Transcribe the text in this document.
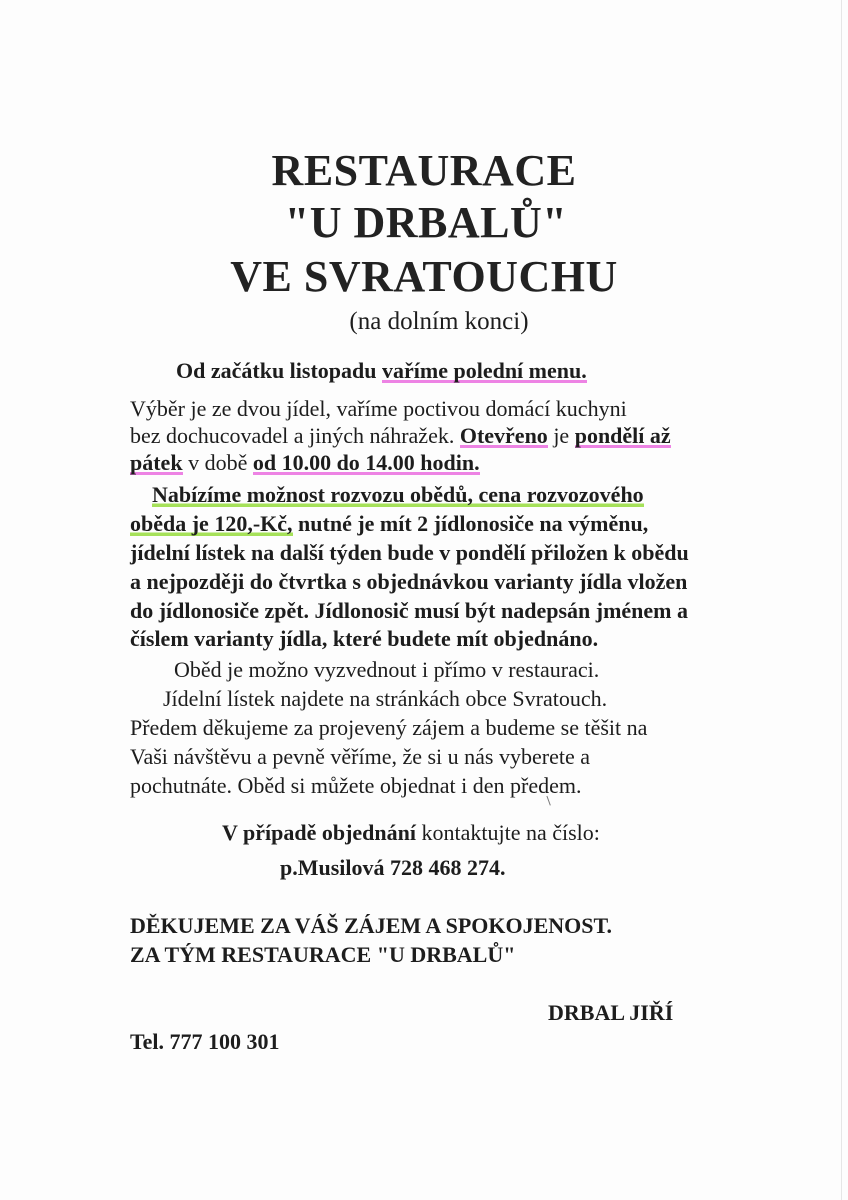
RESTAURACE
"U DRBALŮ"
VE SVRATOUCHU
(na dolním konci)
Od začátku listopadu vaříme polední menu.
Výběr je ze dvou jídel, vaříme poctivou domácí kuchyni
bez dochucovadel a jiných náhražek. Otevřeno je pondělí až
pátek v době od 10.00 do 14.00 hodin.
Nabízíme možnost rozvozu obědů, cena rozvozového
oběda je 120,-Kč, nutné je mít 2 jídlonosiče na výměnu,
jídelní lístek na další týden bude v pondělí přiložen k obědu
a nejpozději do čtvrtka s objednávkou varianty jídla vložen
do jídlonosiče zpět. Jídlonosič musí být nadepsán jménem a
číslem varianty jídla, které budete mít objednáno.
Oběd je možno vyzvednout i přímo v restauraci.
Jídelní lístek najdete na stránkách obce Svratouch.
Předem děkujeme za projevený zájem a budeme se těšit na
Vaši návštěvu a pevně věříme, že si u nás vyberete a
pochutnáte. Oběd si můžete objednat i den předem.
V případě objednání kontaktujte na číslo:
p.Musilová 728 468 274.
DĚKUJEME ZA VÁŠ ZÁJEM A SPOKOJENOST.
ZA TÝM RESTAURACE "U DRBALŮ"
DRBAL JIŘÍ
Tel. 777 100 301
